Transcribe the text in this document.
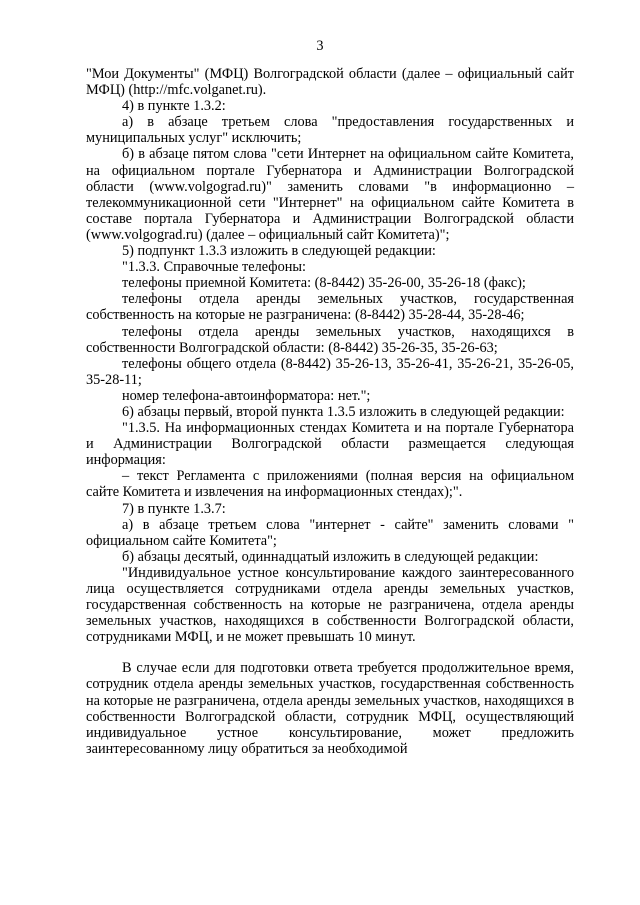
3

"Мои Документы" (МФЦ) Волгоградской области (далее – официальный сайт МФЦ) (http://mfc.volganet.ru).

4) в пункте 1.3.2:

а) в абзаце третьем слова "предоставления государственных и муниципальных услуг" исключить;

б) в абзаце пятом слова "сети Интернет на официальном сайте Комитета, на официальном портале Губернатора и Администрации Волгоградской области (www.volgograd.ru)" заменить словами "в информационно – телекоммуникационной сети "Интернет" на официальном сайте Комитета в составе портала Губернатора и Администрации Волгоградской области (www.volgograd.ru) (далее – официальный сайт Комитета)";

5) подпункт 1.3.3 изложить в следующей редакции:

"1.3.3. Справочные телефоны:

телефоны приемной Комитета: (8-8442) 35-26-00, 35-26-18 (факс);

телефоны отдела аренды земельных участков, государственная собственность на которые не разграничена: (8-8442) 35-28-44, 35-28-46;

телефоны отдела аренды земельных участков, находящихся в собственности Волгоградской области: (8-8442) 35-26-35, 35-26-63;

телефоны общего отдела (8-8442) 35-26-13, 35-26-41, 35-26-21, 35-26-05, 35-28-11;

номер телефона-автоинформатора: нет.";

6) абзацы первый, второй пункта 1.3.5 изложить в следующей редакции:

"1.3.5. На информационных стендах Комитета и на портале Губернатора и Администрации Волгоградской области размещается следующая информация:

– текст Регламента с приложениями (полная версия на официальном сайте Комитета и извлечения на информационных стендах);".

7) в пункте 1.3.7:

а) в абзаце третьем слова "интернет - сайте" заменить словами " официальном сайте Комитета";

б) абзацы десятый, одиннадцатый изложить в следующей редакции:

"Индивидуальное устное консультирование каждого заинтересованного лица осуществляется сотрудниками отдела аренды земельных участков, государственная собственность на которые не разграничена, отдела аренды земельных участков, находящихся в собственности Волгоградской области, сотрудниками МФЦ, и не может превышать 10 минут.

В случае если для подготовки ответа требуется продолжительное время, сотрудник отдела аренды земельных участков, государственная собственность на которые не разграничена, отдела аренды земельных участков, находящихся в собственности Волгоградской области, сотрудник МФЦ, осуществляющий индивидуальное устное консультирование, может предложить заинтересованному лицу обратиться за необходимой
